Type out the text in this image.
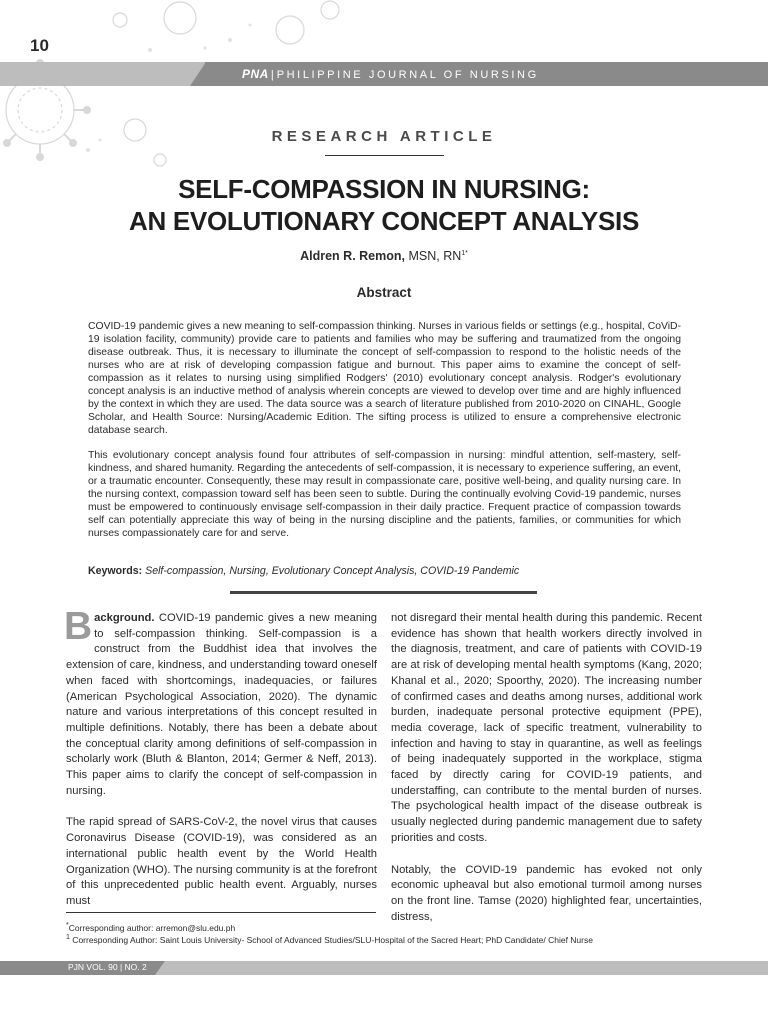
10
PNA | PHILIPPINE JOURNAL OF NURSING
RESEARCH ARTICLE
SELF-COMPASSION IN NURSING:
AN EVOLUTIONARY CONCEPT ANALYSIS
Aldren R. Remon, MSN, $RN^{1*}$
Abstract
COVID-19 pandemic gives a new meaning to self-compassion thinking. Nurses in various fields or settings (e.g., hospital, CoViD-19 isolation facility, community) provide care to patients and families who may be suffering and traumatized from the ongoing disease outbreak. Thus, it is necessary to illuminate the concept of self-compassion to respond to the holistic needs of the nurses who are at risk of developing compassion fatigue and burnout. This paper aims to examine the concept of self-compassion as it relates to nursing using simplified Rodgers' (2010) evolutionary concept analysis. Rodger's evolutionary concept analysis is an inductive method of analysis wherein concepts are viewed to develop over time and are highly influenced by the context in which they are used. The data source was a search of literature published from 2010-2020 on CINAHL, Google Scholar, and Health Source: Nursing/Academic Edition. The sifting process is utilized to ensure a comprehensive electronic database search.
This evolutionary concept analysis found four attributes of self-compassion in nursing: mindful attention, self-mastery, self-kindness, and shared humanity. Regarding the antecedents of self-compassion, it is necessary to experience suffering, an event, or a traumatic encounter. Consequently, these may result in compassionate care, positive well-being, and quality nursing care. In the nursing context, compassion toward self has been seen to subtle. During the continually evolving Covid-19 pandemic, nurses must be empowered to continuously envisage self-compassion in their daily practice. Frequent practice of compassion towards self can potentially appreciate this way of being in the nursing discipline and the patients, families, or communities for which nurses compassionately care for and serve.
Keywords: Self-compassion, Nursing, Evolutionary Concept Analysis, COVID-19 Pandemic

Background. COVID-19 pandemic gives a new meaning to self-compassion thinking. Self-compassion is a construct from the Buddhist idea that involves the extension of care, kindness, and understanding toward oneself when faced with shortcomings, inadequacies, or failures (American Psychological Association, 2020). The dynamic nature and various interpretations of this concept resulted in multiple definitions. Notably, there has been a debate about the conceptual clarity among definitions of self-compassion in scholarly work (Bluth & Blanton, 2014; Germer & Neff, 2013). This paper aims to clarify the concept of self-compassion in nursing.

The rapid spread of SARS-CoV-2, the novel virus that causes Coronavirus Disease (COVID-19), was considered as an international public health event by the World Health Organization (WHO). The nursing community is at the forefront of this unprecedented public health event. Arguably, nurses must

not disregard their mental health during this pandemic. Recent evidence has shown that health workers directly involved in the diagnosis, treatment, and care of patients with COVID-19 are at risk of developing mental health symptoms (Kang, 2020; Khanal et al., 2020; Spoorthy, 2020). The increasing number of confirmed cases and deaths among nurses, additional work burden, inadequate personal protective equipment (PPE), media coverage, lack of specific treatment, vulnerability to infection and having to stay in quarantine, as well as feelings of being inadequately supported in the workplace, stigma faced by directly caring for COVID-19 patients, and understaffing, can contribute to the mental burden of nurses. The psychological health impact of the disease outbreak is usually neglected during pandemic management due to safety priorities and costs.

Notably, the COVID-19 pandemic has evoked not only economic upheaval but also emotional turmoil among nurses on the front line. Tamse (2020) highlighted fear, uncertainties, distress,

*Corresponding author: arremon@slu.edu.ph
$^1$ Corresponding Author: Saint Louis University- School of Advanced Studies/SLU-Hospital of the Sacred Heart; PhD Candidate/ Chief Nurse
PJN VOL. 90 | NO. 2
